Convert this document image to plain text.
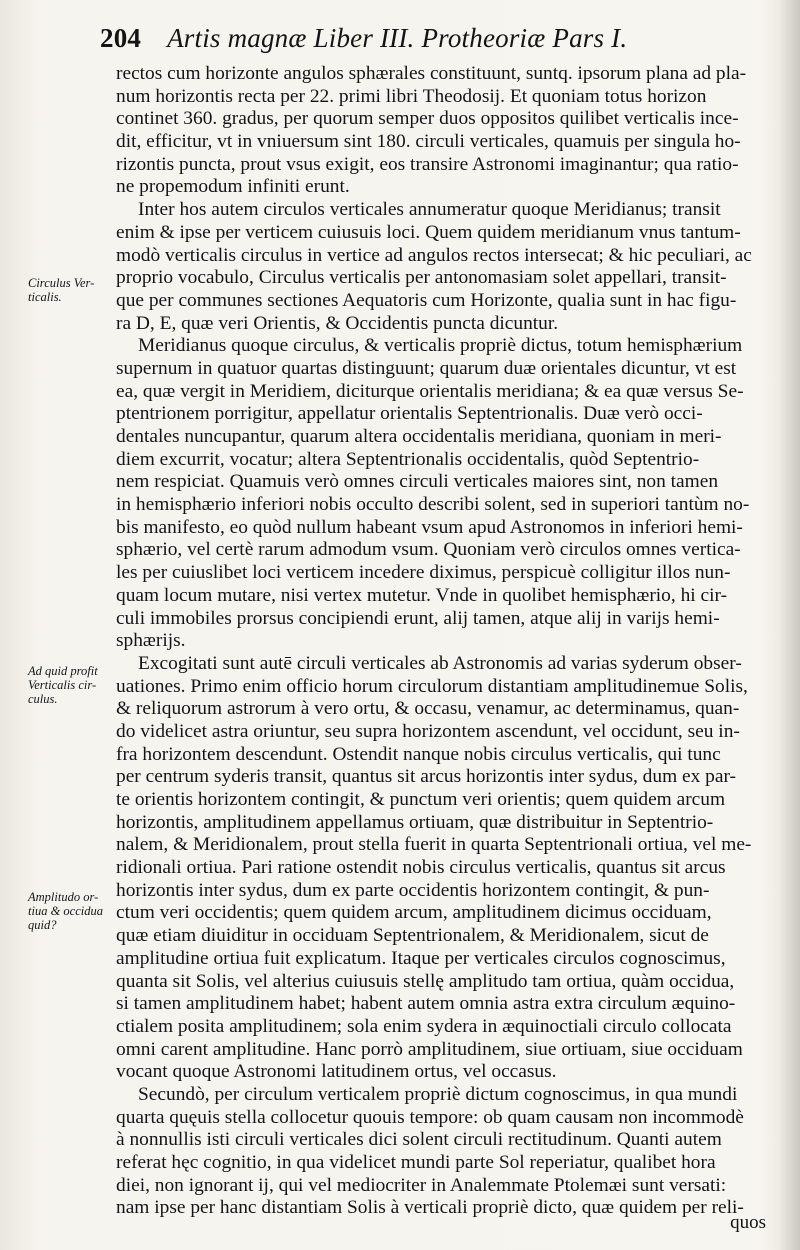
204 Artis magnæ Liber III. Protheoriæ Pars I.
Circulus Ver-
ticalis.
Ad quid profit
Verticalis cir-
culus.
Amplitudo or-
tiua & occidua
quid?
rectos cum horizonte angulos sphærales constituunt, suntq. ipsorum plana ad pla-
num horizontis recta per 22. primi libri Theodosij. Et quoniam totus horizon
continet 360. gradus, per quorum semper duos oppositos quilibet verticalis ince-
dit, efficitur, vt in vniuersum sint 180. circuli verticales, quamuis per singula ho-
rizontis puncta, prout vsus exigit, eos transire Astronomi imaginantur; qua ratio-
ne propemodum infiniti erunt.
Inter hos autem circulos verticales annumeratur quoque Meridianus; transit
enim & ipse per verticem cuiusuis loci. Quem quidem meridianum vnus tantum-
modò verticalis circulus in vertice ad angulos rectos intersecat; & hic peculiari, ac
proprio vocabulo, Circulus verticalis per antonomasiam solet appellari, transit-
que per communes sectiones Aequatoris cum Horizonte, qualia sunt in hac figu-
ra D, E, quæ veri Orientis, & Occidentis puncta dicuntur.
Meridianus quoque circulus, & verticalis propriè dictus, totum hemisphærium
supernum in quatuor quartas distinguunt; quarum duæ orientales dicuntur, vt est
ea, quæ vergit in Meridiem, diciturque orientalis meridiana; & ea quæ versus Se-
ptentrionem porrigitur, appellatur orientalis Septentrionalis. Duæ verò occi-
dentales nuncupantur, quarum altera occidentalis meridiana, quoniam in meri-
diem excurrit, vocatur; altera Septentrionalis occidentalis, quòd Septentrio-
nem respiciat. Quamuis verò omnes circuli verticales maiores sint, non tamen
in hemisphærio inferiori nobis occulto describi solent, sed in superiori tantùm no-
bis manifesto, eo quòd nullum habeant vsum apud Astronomos in inferiori hemi-
sphærio, vel certè rarum admodum vsum. Quoniam verò circulos omnes vertica-
les per cuiuslibet loci verticem incedere diximus, perspicuè colligitur illos nun-
quam locum mutare, nisi vertex mutetur. Vnde in quolibet hemisphærio, hi cir-
culi immobiles prorsus concipiendi erunt, alij tamen, atque alij in varijs hemi-
sphærijs.
Excogitati sunt autē circuli verticales ab Astronomis ad varias syderum obser-
uationes. Primo enim officio horum circulorum distantiam amplitudinemue Solis,
& reliquorum astrorum à vero ortu, & occasu, venamur, ac determinamus, quan-
do videlicet astra oriuntur, seu supra horizontem ascendunt, vel occidunt, seu in-
fra horizontem descendunt. Ostendit nanque nobis circulus verticalis, qui tunc
per centrum syderis transit, quantus sit arcus horizontis inter sydus, dum ex par-
te orientis horizontem contingit, & punctum veri orientis; quem quidem arcum
horizontis, amplitudinem appellamus ortiuam, quæ distribuitur in Septentrio-
nalem, & Meridionalem, prout stella fuerit in quarta Septentrionali ortiua, vel me-
ridionali ortiua. Pari ratione ostendit nobis circulus verticalis, quantus sit arcus
horizontis inter sydus, dum ex parte occidentis horizontem contingit, & pun-
ctum veri occidentis; quem quidem arcum, amplitudinem dicimus occiduam,
quæ etiam diuiditur in occiduam Septentrionalem, & Meridionalem, sicut de
amplitudine ortiua fuit explicatum. Itaque per verticales circulos cognoscimus,
quanta sit Solis, vel alterius cuiusuis stellę amplitudo tam ortiua, quàm occidua,
si tamen amplitudinem habet; habent autem omnia astra extra circulum æquino-
ctialem posita amplitudinem; sola enim sydera in æquinoctiali circulo collocata
omni carent amplitudine. Hanc porrò amplitudinem, siue ortiuam, siue occiduam
vocant quoque Astronomi latitudinem ortus, vel occasus.
Secundò, per circulum verticalem propriè dictum cognoscimus, in qua mundi
quarta quęuis stella collocetur quouis tempore: ob quam causam non incommodè
à nonnullis isti circuli verticales dici solent circuli rectitudinum. Quanti autem
referat hęc cognitio, in qua videlicet mundi parte Sol reperiatur, qualibet hora
diei, non ignorant ij, qui vel mediocriter in Analemmate Ptolemæi sunt versati:
nam ipse per hanc distantiam Solis à verticali propriè dicto, quæ quidem per reli-
quos
